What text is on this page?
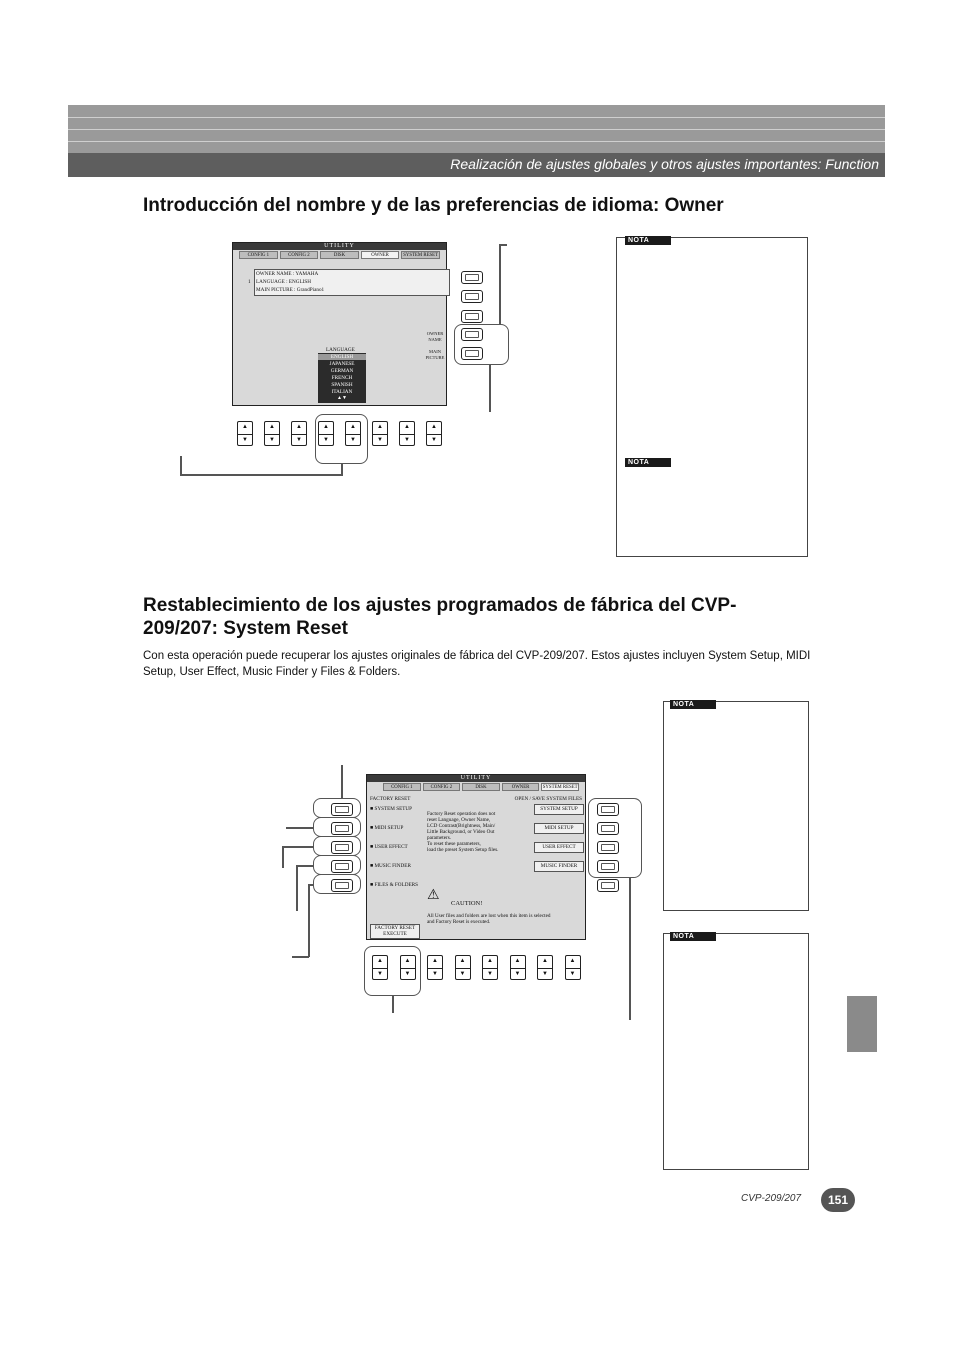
Realización de ajustes globales y otros ajustes importantes: Function
Introducción del nombre y de las preferencias de idioma: Owner
UTILITY
CONFIG 1	CONFIG 2	DISK	OWNER	SYSTEM RESET
1
OWNER NAME : YAMAHA
LANGUAGE : ENGLISH
MAIN PICTURE : GrandPiano1
OWNER NAME
MAIN PICTURE
LANGUAGE
ENGLISH
JAPANESE
GERMAN
FRENCH
SPANISH
ITALIAN
▲▼
▲
▼
▲
▼
▲
▼
▲
▼
▲
▼
▲
▼
▲
▼
▲
▼
NOTA
NOTA
Restablecimiento de los ajustes programados de fábrica del CVP-
209/207: System Reset

Con esta operación puede recuperar los ajustes originales de fábrica del CVP-209/207. Estos ajustes incluyen System Setup, MIDI Setup, User Effect, Music Finder y Files & Folders.

UTILITY
CONFIG 1	CONFIG 2	DISK	OWNER	SYSTEM RESET
FACTORY RESET	OPEN / SAVE SYSTEM FILES
■ SYSTEM SETUP
■ MIDI SETUP
■ USER EFFECT
■ MUSIC FINDER
■ FILES & FOLDERS
Factory Reset operation does not
reset Language, Owner Name,
LCD Contrast(Brightness, Main/
Little Background, or Video Out
parameters.
To reset these parameters,
load the preset System Setup files.
⚠
CAUTION!
All User files and folders are lost when this item is selected
and Factory Reset is executed.
FACTORY RESET
EXECUTE
SYSTEM SETUP
MIDI SETUP
USER EFFECT
MUSIC FINDER
▲
▼
▲
▼
▲
▼
▲
▼
▲
▼
▲
▼
▲
▼
▲
▼
NOTA
NOTA
CVP-209/207	151
